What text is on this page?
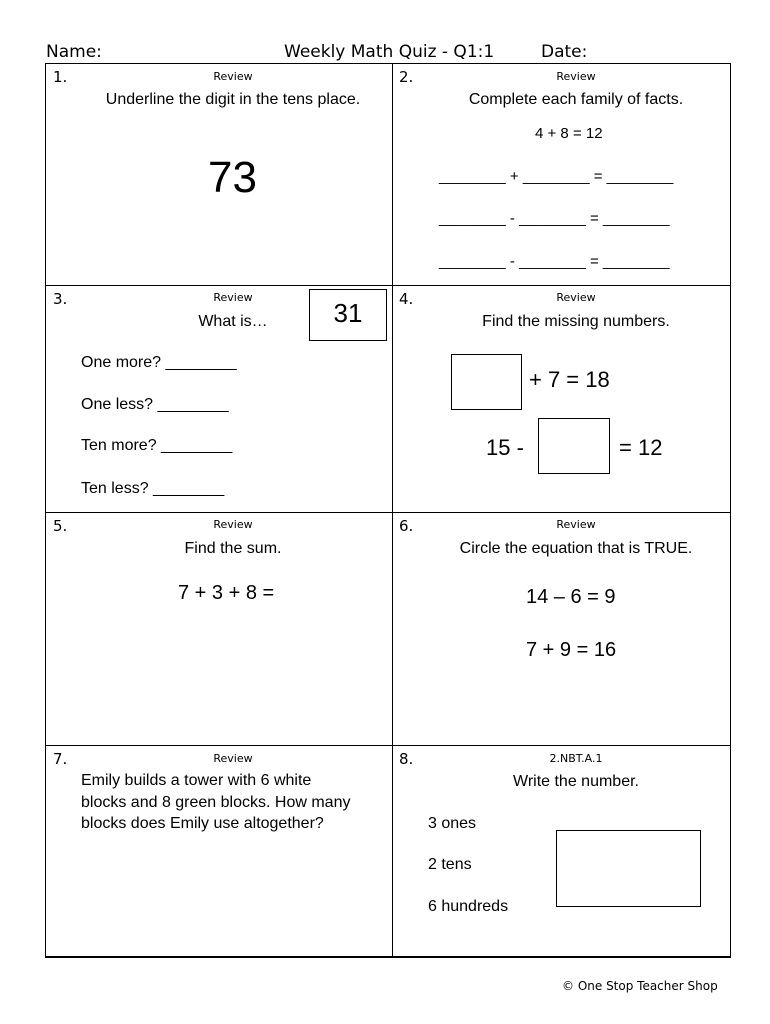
Name:	Weekly Math Quiz - Q1:1	Date:
1.	Review
Underline the digit in the tens place.
73
2.	Review
Complete each family of facts.
4 + 8 = 12
________ + ________ = ________
________ - ________ = ________
________ - ________ = ________
3.	Review
What is…	31
One more? ________
One less? ________
Ten more? ________
Ten less? ________
4.	Review
Find the missing numbers.
+ 7 = 18
15 -	= 12
5.	Review
Find the sum.
7 + 3 + 8 =
6.	Review
Circle the equation that is TRUE.
14 – 6 = 9
7 + 9 = 16
7.	Review
Emily builds a tower with 6 white
blocks and 8 green blocks. How many
blocks does Emily use altogether?
8.	2.NBT.A.1
Write the number.
3 ones
2 tens
6 hundreds
© One Stop Teacher Shop
